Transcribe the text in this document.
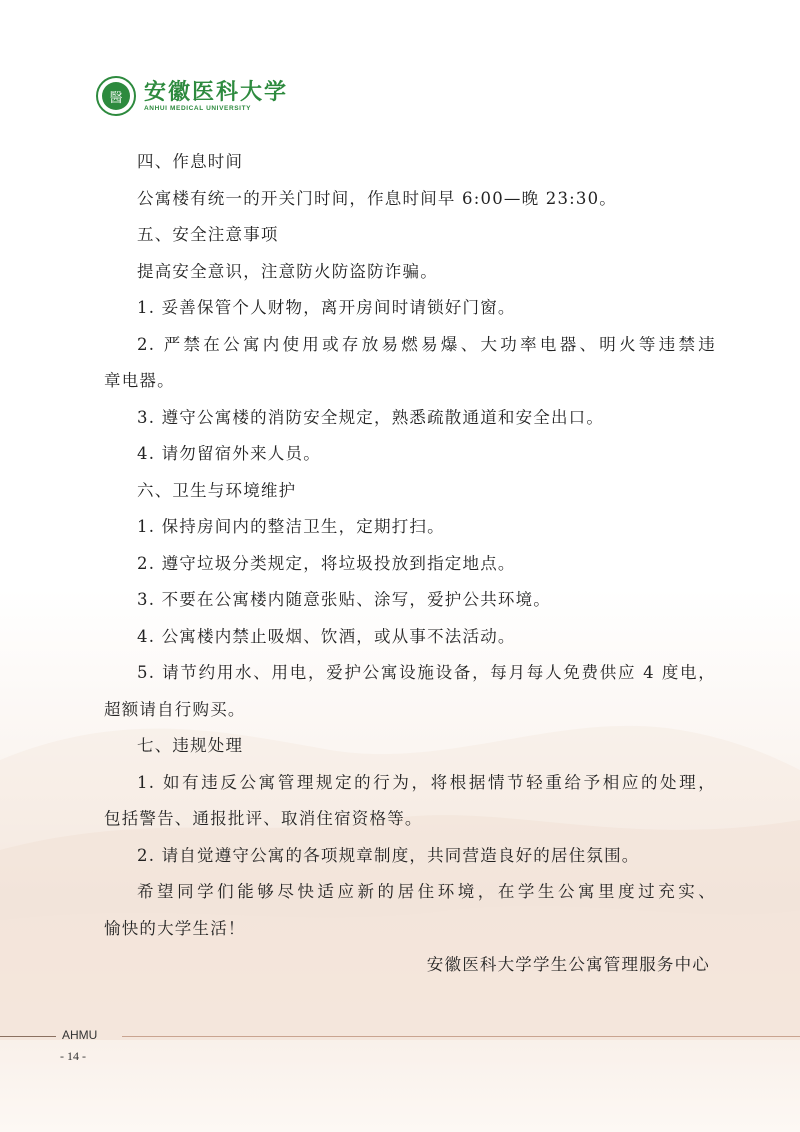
醫 安徽医科大学
ANHUI MEDICAL UNIVERSITY

四、作息时间

公寓楼有统一的开关门时间，作息时间早 6:00—晚 23:30。

五、安全注意事项

提高安全意识，注意防火防盗防诈骗。

1. 妥善保管个人财物，离开房间时请锁好门窗。

2. 严禁在公寓内使用或存放易燃易爆、大功率电器、明火等违禁违

章电器。

3. 遵守公寓楼的消防安全规定，熟悉疏散通道和安全出口。

4. 请勿留宿外来人员。

六、卫生与环境维护

1. 保持房间内的整洁卫生，定期打扫。

2. 遵守垃圾分类规定，将垃圾投放到指定地点。

3. 不要在公寓楼内随意张贴、涂写，爱护公共环境。

4. 公寓楼内禁止吸烟、饮酒，或从事不法活动。

5. 请节约用水、用电，爱护公寓设施设备，每月每人免费供应 4 度电，

超额请自行购买。

七、违规处理

1. 如有违反公寓管理规定的行为，将根据情节轻重给予相应的处理，

包括警告、通报批评、取消住宿资格等。

2. 请自觉遵守公寓的各项规章制度，共同营造良好的居住氛围。

希望同学们能够尽快适应新的居住环境，在学生公寓里度过充实、

愉快的大学生活！

安徽医科大学学生公寓管理服务中心

AHMU
- 14 -
